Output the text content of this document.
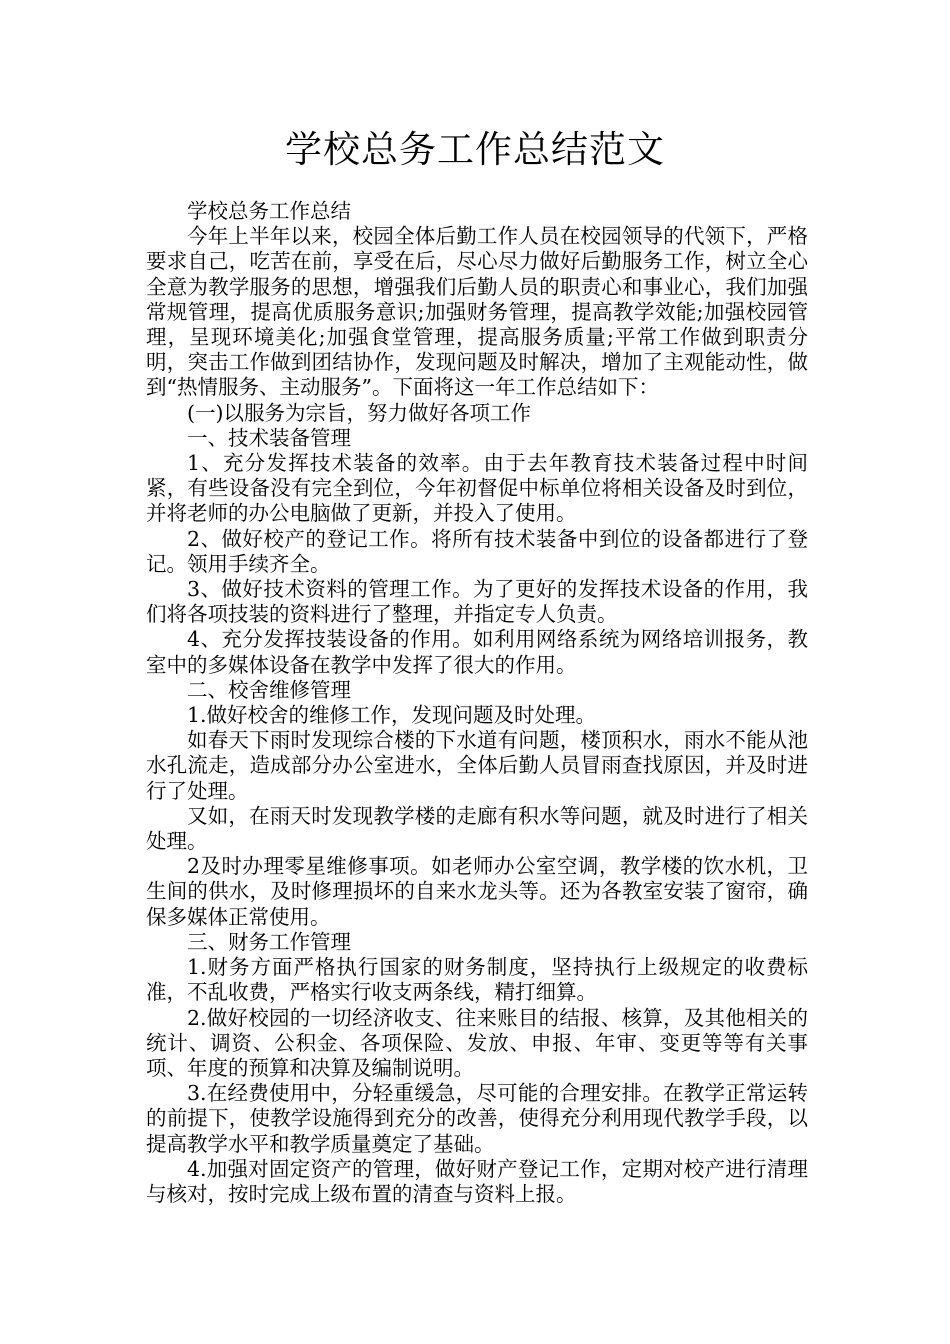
学校总务工作总结范文

学校总务工作总结

今年上半年以来，校园全体后勤工作人员在校园领导的代领下，严格要求自己，吃苦在前，享受在后，尽心尽力做好后勤服务工作，树立全心全意为教学服务的思想，增强我们后勤人员的职责心和事业心，我们加强常规管理，提高优质服务意识;加强财务管理，提高教学效能;加强校园管理，呈现环境美化;加强食堂管理，提高服务质量;平常工作做到职责分明，突击工作做到团结协作，发现问题及时解决，增加了主观能动性，做到“热情服务、主动服务”。下面将这一年工作总结如下：

(一)以服务为宗旨，努力做好各项工作

一、技术装备管理

1、充分发挥技术装备的效率。由于去年教育技术装备过程中时间紧，有些设备没有完全到位，今年初督促中标单位将相关设备及时到位，并将老师的办公电脑做了更新，并投入了使用。

2、做好校产的登记工作。将所有技术装备中到位的设备都进行了登记。领用手续齐全。

3、做好技术资料的管理工作。为了更好的发挥技术设备的作用，我们将各项技装的资料进行了整理，并指定专人负责。

4、充分发挥技装设备的作用。如利用网络系统为网络培训报务，教室中的多媒体设备在教学中发挥了很大的作用。

二、校舍维修管理

1.做好校舍的维修工作，发现问题及时处理。

如春天下雨时发现综合楼的下水道有问题，楼顶积水，雨水不能从池水孔流走，造成部分办公室进水，全体后勤人员冒雨查找原因，并及时进行了处理。

又如，在雨天时发现教学楼的走廊有积水等问题，就及时进行了相关处理。

2及时办理零星维修事项。如老师办公室空调，教学楼的饮水机，卫生间的供水，及时修理损坏的自来水龙头等。还为各教室安装了窗帘，确保多媒体正常使用。

三、财务工作管理

1.财务方面严格执行国家的财务制度，坚持执行上级规定的收费标准，不乱收费，严格实行收支两条线，精打细算。

2.做好校园的一切经济收支、往来账目的结报、核算，及其他相关的统计、调资、公积金、各项保险、发放、申报、年审、变更等等有关事项、年度的预算和决算及编制说明。

3.在经费使用中，分轻重缓急，尽可能的合理安排。在教学正常运转的前提下，使教学设施得到充分的改善，使得充分利用现代教学手段，以提高教学水平和教学质量奠定了基础。

4.加强对固定资产的管理，做好财产登记工作，定期对校产进行清理与核对，按时完成上级布置的清查与资料上报。
